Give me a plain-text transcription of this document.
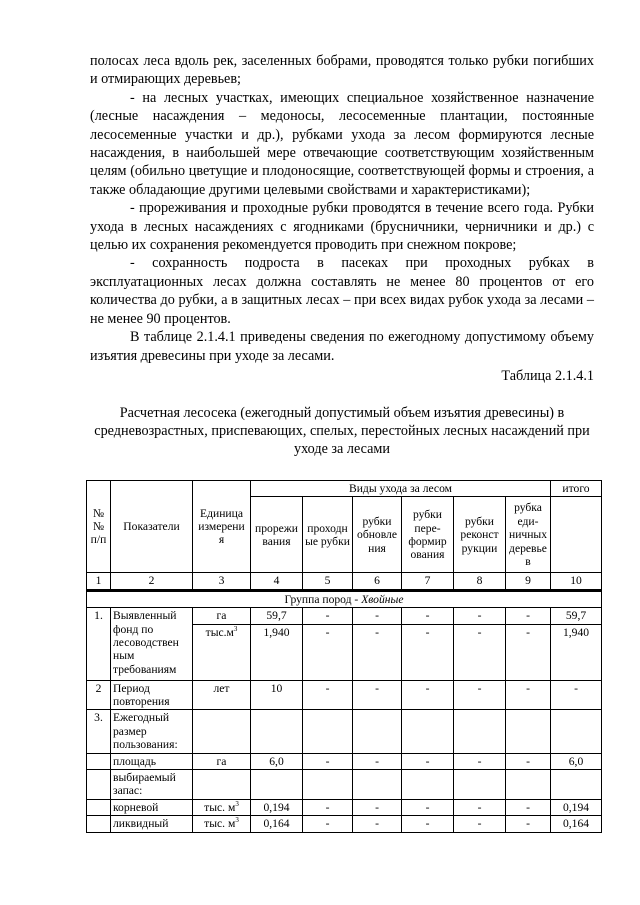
полосах леса вдоль рек, заселенных бобрами, проводятся только рубки погибших и отмирающих деревьев;

- на лесных участках, имеющих специальное хозяйственное назначение (лесные насаждения – медоносы, лесосеменные плантации, постоянные лесосеменные участки и др.), рубками ухода за лесом формируются лесные насаждения, в наибольшей мере отвечающие соответствующим хозяйственным целям (обильно цветущие и плодоносящие, соответствующей формы и строения, а также обладающие другими целевыми свойствами и характеристиками);

- прореживания и проходные рубки проводятся в течение всего года. Рубки ухода в лесных насаждениях с ягодниками (брусничники, черничники и др.) с целью их сохранения рекомендуется проводить при снежном покрове;

- сохранность подроста в пасеках при проходных рубках в эксплуатационных лесах должна составлять не менее 80 процентов от его количества до рубки, а в защитных лесах – при всех видах рубок ухода за лесами – не менее 90 процентов.

В таблице 2.1.4.1 приведены сведения по ежегодному допустимому объему изъятия древесины при уходе за лесами.

Таблица 2.1.4.1
Расчетная лесосека (ежегодный допустимый объем изъятия древесины) в средневозрастных, приспевающих, спелых, перестойных лесных насаждений при уходе за лесами
№ № п/п	Показатели	Единица измерени я	Виды ухода за лесом						итого
			прорежи вания	проходн ые рубки	рубки обновле ния	рубки пере- формир ования	рубки реконст рукции	рубка еди- ничных деревье в	
1	2	3	4	5	6	7	8	9	10
Группа пород - Хвойные									
1.	Выявленный фонд по лесоводствен ным требованиям	га	59,7	-	-	-	-	-	59,7
		$тыс.м^3$	1,940	-	-	-	-	-	1,940
2	Период повторения	лет	10	-	-	-	-	-	-
3.	Ежегодный размер пользования:								
	площадь	га	6,0	-	-	-	-	-	6,0
	выбираемый запас:								
	корневой	тыс. $м^3$	0,194	-	-	-	-	-	0,194
	ликвидный	тыс. $м^3$	0,164	-	-	-	-	-	0,164
